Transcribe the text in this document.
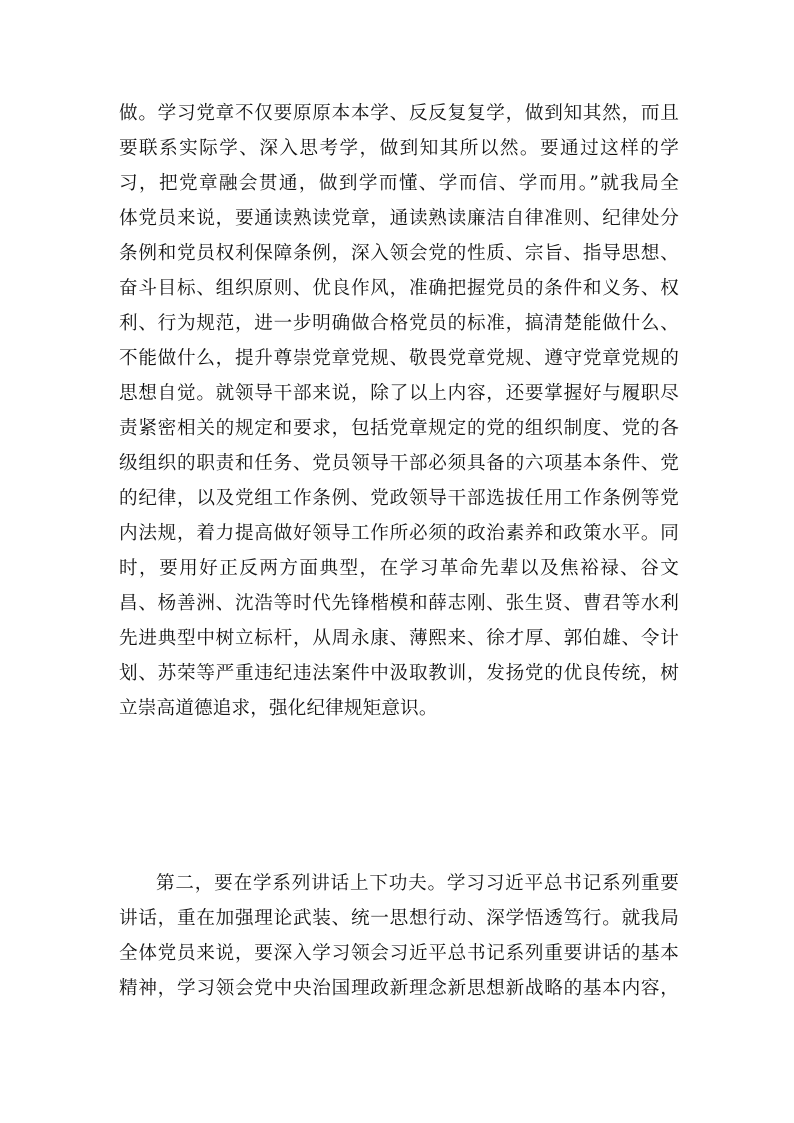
做。学习党章不仅要原原本本学、反反复复学，做到知其然，而且
要联系实际学、深入思考学，做到知其所以然。要通过这样的学
习，把党章融会贯通，做到学而懂、学而信、学而用。”就我局全
体党员来说，要通读熟读党章，通读熟读廉洁自律准则、纪律处分
条例和党员权利保障条例，深入领会党的性质、宗旨、指导思想、
奋斗目标、组织原则、优良作风，准确把握党员的条件和义务、权
利、行为规范，进一步明确做合格党员的标准，搞清楚能做什么、
不能做什么，提升尊崇党章党规、敬畏党章党规、遵守党章党规的
思想自觉。就领导干部来说，除了以上内容，还要掌握好与履职尽
责紧密相关的规定和要求，包括党章规定的党的组织制度、党的各
级组织的职责和任务、党员领导干部必须具备的六项基本条件、党
的纪律，以及党组工作条例、党政领导干部选拔任用工作条例等党
内法规，着力提高做好领导工作所必须的政治素养和政策水平。同
时，要用好正反两方面典型，在学习革命先辈以及焦裕禄、谷文
昌、杨善洲、沈浩等时代先锋楷模和薛志刚、张生贤、曹君等水利
先进典型中树立标杆，从周永康、薄熙来、徐才厚、郭伯雄、令计
划、苏荣等严重违纪违法案件中汲取教训，发扬党的优良传统，树
立崇高道德追求，强化纪律规矩意识。
第二，要在学系列讲话上下功夫。学习习近平总书记系列重要
讲话，重在加强理论武装、统一思想行动、深学悟透笃行。就我局
全体党员来说，要深入学习领会习近平总书记系列重要讲话的基本
精神，学习领会党中央治国理政新理念新思想新战略的基本内容，
